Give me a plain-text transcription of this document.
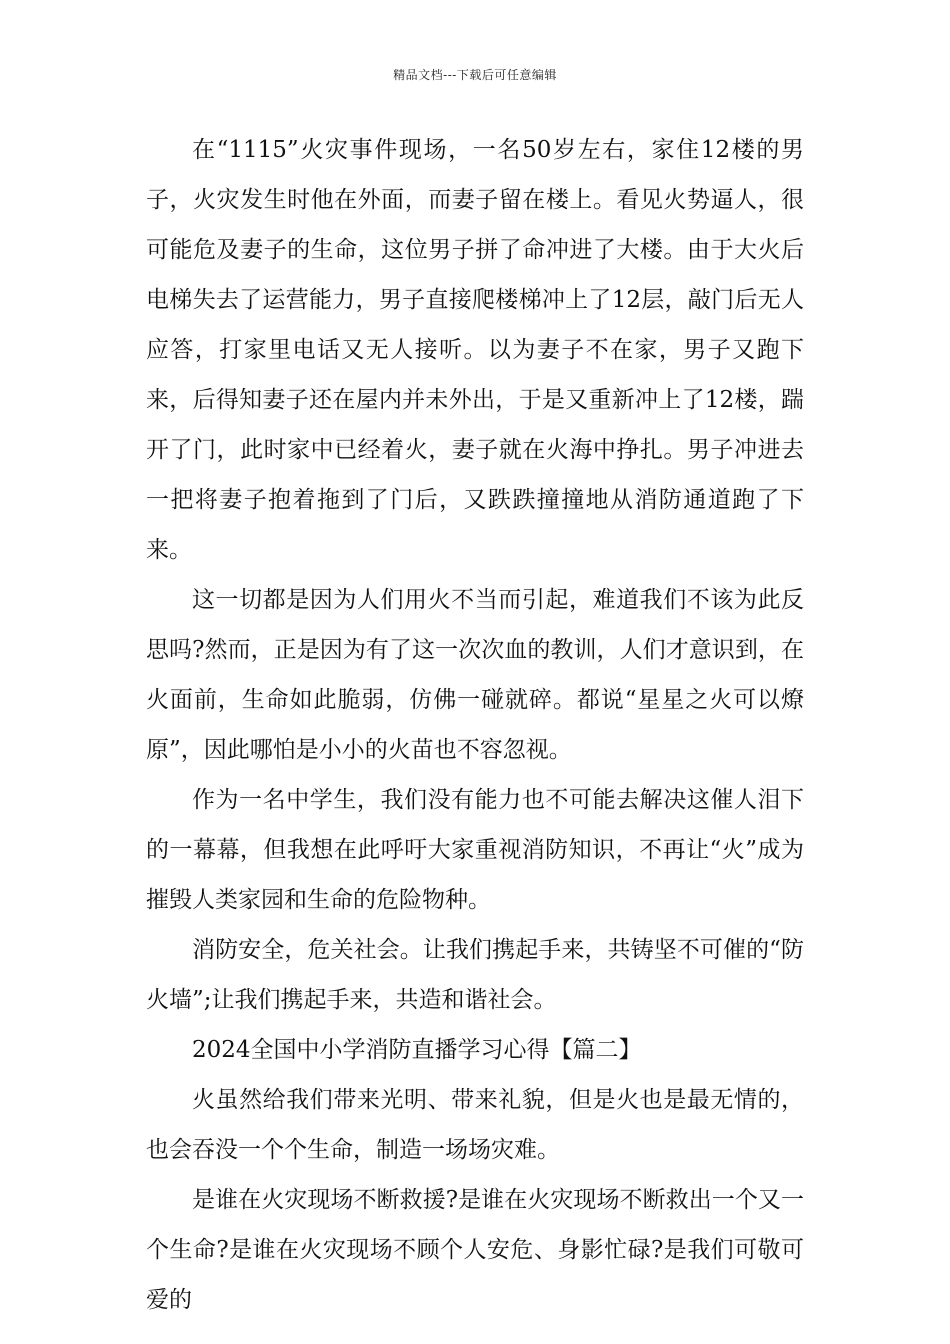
精品文档---下载后可任意编辑

在“1115”火灾事件现场，一名50岁左右，家住12楼的男子，火灾发生时他在外面，而妻子留在楼上。看见火势逼人，很可能危及妻子的生命，这位男子拼了命冲进了大楼。由于大火后电梯失去了运营能力，男子直接爬楼梯冲上了12层，敲门后无人应答，打家里电话又无人接听。以为妻子不在家，男子又跑下来，后得知妻子还在屋内并未外出，于是又重新冲上了12楼，踹开了门，此时家中已经着火，妻子就在火海中挣扎。男子冲进去一把将妻子抱着拖到了门后，又跌跌撞撞地从消防通道跑了下来。

这一切都是因为人们用火不当而引起，难道我们不该为此反思吗?然而，正是因为有了这一次次血的教训，人们才意识到，在火面前，生命如此脆弱，仿佛一碰就碎。都说“星星之火可以燎原”，因此哪怕是小小的火苗也不容忽视。

作为一名中学生，我们没有能力也不可能去解决这催人泪下的一幕幕，但我想在此呼吁大家重视消防知识，不再让“火”成为摧毁人类家园和生命的危险物种。

消防安全，危关社会。让我们携起手来，共铸坚不可催的“防火墙”;让我们携起手来，共造和谐社会。

2024全国中小学消防直播学习心得【篇二】

火虽然给我们带来光明、带来礼貌，但是火也是最无情的，也会吞没一个个生命，制造一场场灾难。

是谁在火灾现场不断救援?是谁在火灾现场不断救出一个又一个生命?是谁在火灾现场不顾个人安危、身影忙碌?是我们可敬可爱的
